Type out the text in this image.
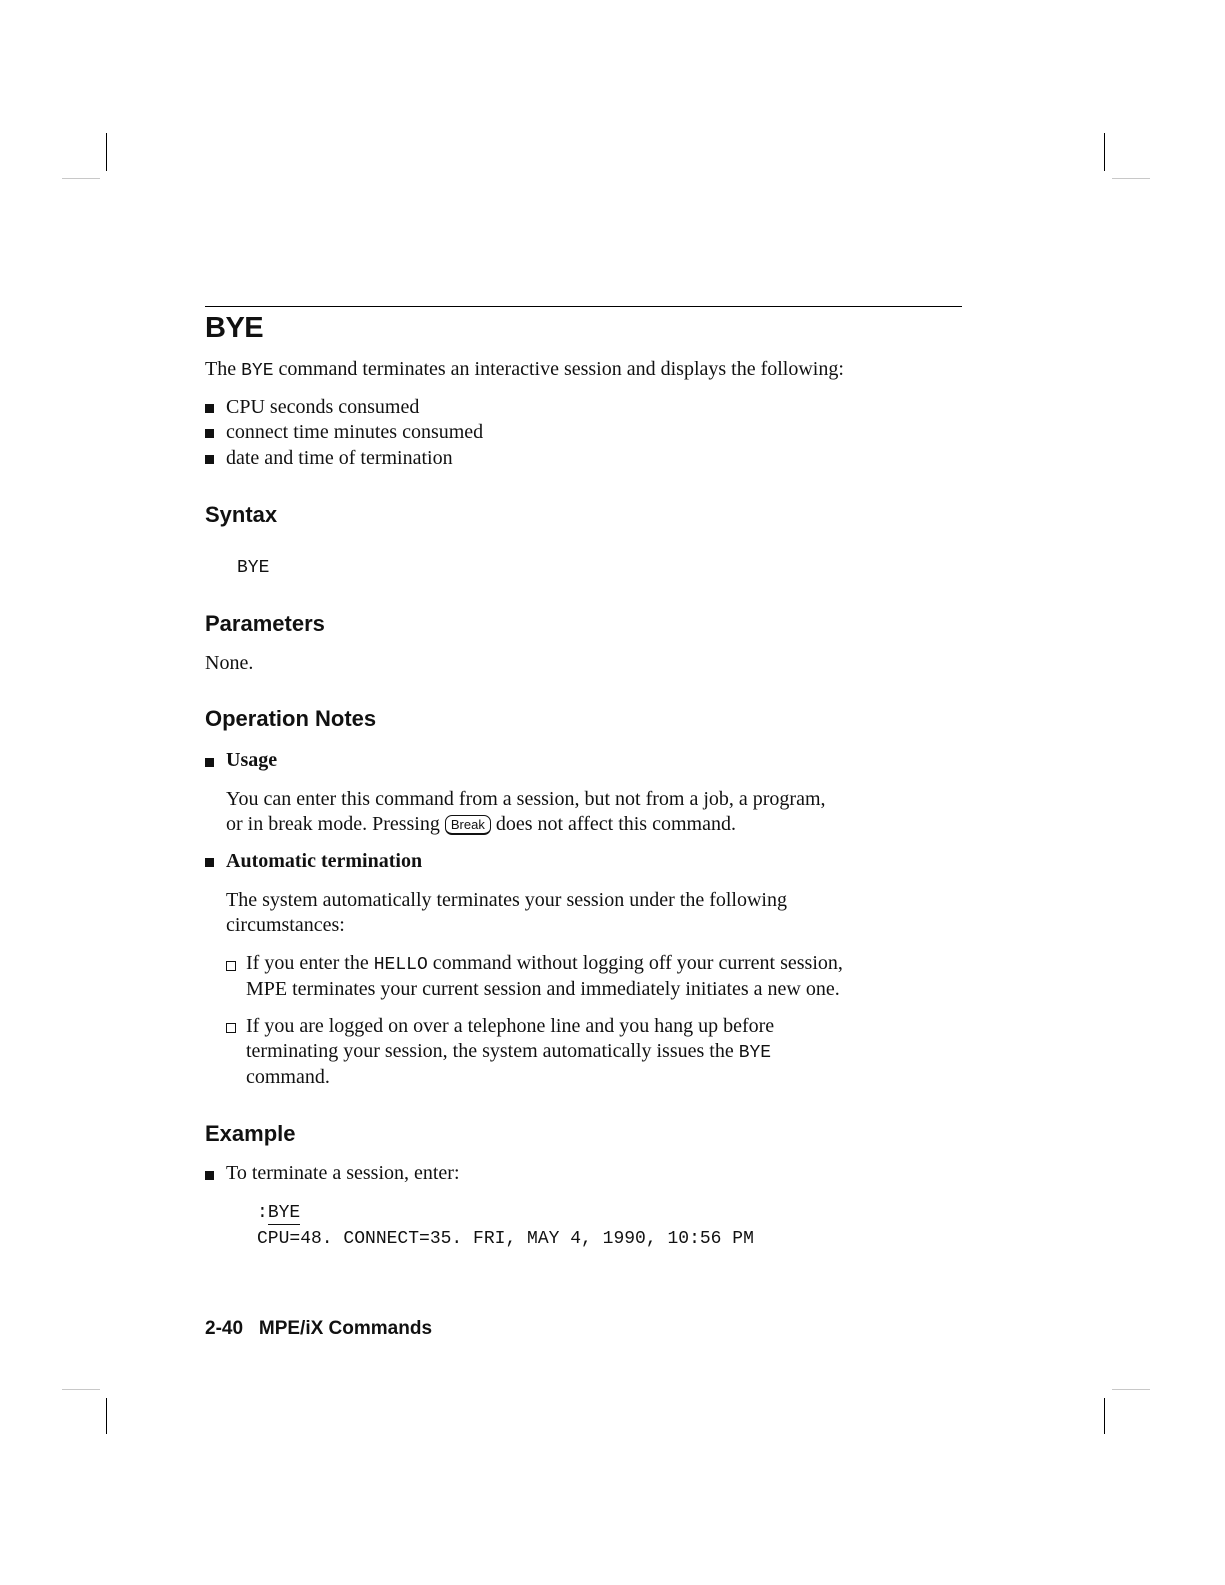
BYE

The BYE command terminates an interactive session and displays the following:

CPU seconds consumed

connect time minutes consumed

date and time of termination

Syntax

BYE

Parameters

None.

Operation Notes

Usage

You can enter this command from a session, but not from a job, a program,

or in break mode. Pressing Break does not affect this command.

Automatic termination

The system automatically terminates your session under the following

circumstances:

If you enter the HELLO command without logging off your current session,

MPE terminates your current session and immediately initiates a new one.

If you are logged on over a telephone line and you hang up before

terminating your session, the system automatically issues the BYE

command.

Example

To terminate a session, enter:

:BYE

CPU=48. CONNECT=35. FRI, MAY 4, 1990, 10:56 PM

2-40 MPE/iX Commands
